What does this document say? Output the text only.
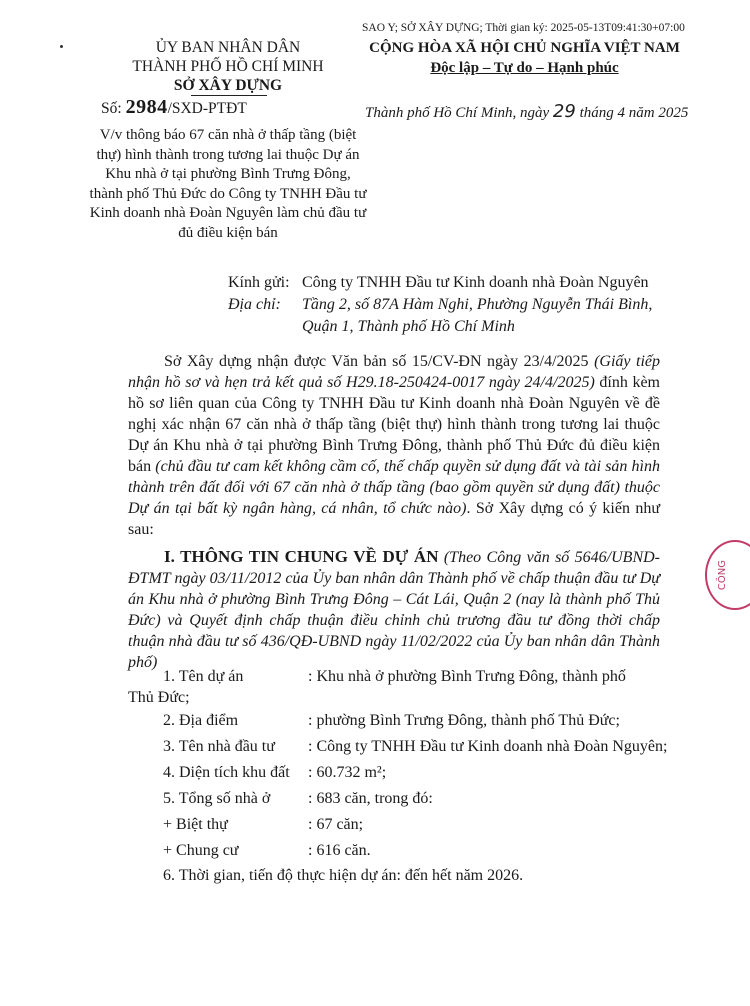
SAO Y; SỞ XÂY DỰNG; Thời gian ký: 2025-05-13T09:41:30+07:00
ỦY BAN NHÂN DÂN
THÀNH PHỐ HỒ CHÍ MINH
SỞ XÂY DỰNG
CỘNG HÒA XÃ HỘI CHỦ NGHĨA VIỆT NAM
Độc lập – Tự do – Hạnh phúc
Số: 2984/SXD-PTĐT	Thành phố Hồ Chí Minh, ngày 29 tháng 4 năm 2025
V/v thông báo 67 căn nhà ở thấp tầng (biệt thự) hình thành trong tương lai thuộc Dự án Khu nhà ở tại phường Bình Trưng Đông, thành phố Thủ Đức do Công ty TNHH Đầu tư Kinh doanh nhà Đoàn Nguyên làm chủ đầu tư đủ điều kiện bán
Kính gửi: Công ty TNHH Đầu tư Kinh doanh nhà Đoàn Nguyên
Địa chỉ: Tầng 2, số 87A Hàm Nghi, Phường Nguyễn Thái Bình,
Quận 1, Thành phố Hồ Chí Minh
Sở Xây dựng nhận được Văn bản số 15/CV-ĐN ngày 23/4/2025 (Giấy tiếp nhận hồ sơ và hẹn trả kết quả số H29.18-250424-0017 ngày 24/4/2025) đính kèm hồ sơ liên quan của Công ty TNHH Đầu tư Kinh doanh nhà Đoàn Nguyên về đề nghị xác nhận 67 căn nhà ở thấp tầng (biệt thự) hình thành trong tương lai thuộc Dự án Khu nhà ở tại phường Bình Trưng Đông, thành phố Thủ Đức đủ điều kiện bán (chủ đầu tư cam kết không cầm cố, thế chấp quyền sử dụng đất và tài sản hình thành trên đất đối với 67 căn nhà ở thấp tầng (bao gồm quyền sử dụng đất) thuộc Dự án tại bất kỳ ngân hàng, cá nhân, tổ chức nào). Sở Xây dựng có ý kiến như sau:
I. THÔNG TIN CHUNG VỀ DỰ ÁN (Theo Công văn số 5646/UBND-ĐTMT ngày 03/11/2012 của Ủy ban nhân dân Thành phố về chấp thuận đầu tư Dự án Khu nhà ở phường Bình Trưng Đông – Cát Lái, Quận 2 (nay là thành phố Thủ Đức) và Quyết định chấp thuận điều chỉnh chủ trương đầu tư đồng thời chấp thuận nhà đầu tư số 436/QĐ-UBND ngày 11/02/2022 của Ủy ban nhân dân Thành phố)
1. Tên dự án	: Khu nhà ở phường Bình Trưng Đông, thành phố
Thủ Đức;
2. Địa điểm	: phường Bình Trưng Đông, thành phố Thủ Đức;
3. Tên nhà đầu tư : Công ty TNHH Đầu tư Kinh doanh nhà Đoàn Nguyên;
4. Diện tích khu đất : 60.732 m²;
5. Tổng số nhà ở : 683 căn, trong đó:
+ Biệt thự	: 67 căn;
+ Chung cư	: 616 căn.
6. Thời gian, tiến độ thực hiện dự án: đến hết năm 2026.
CÔNG
